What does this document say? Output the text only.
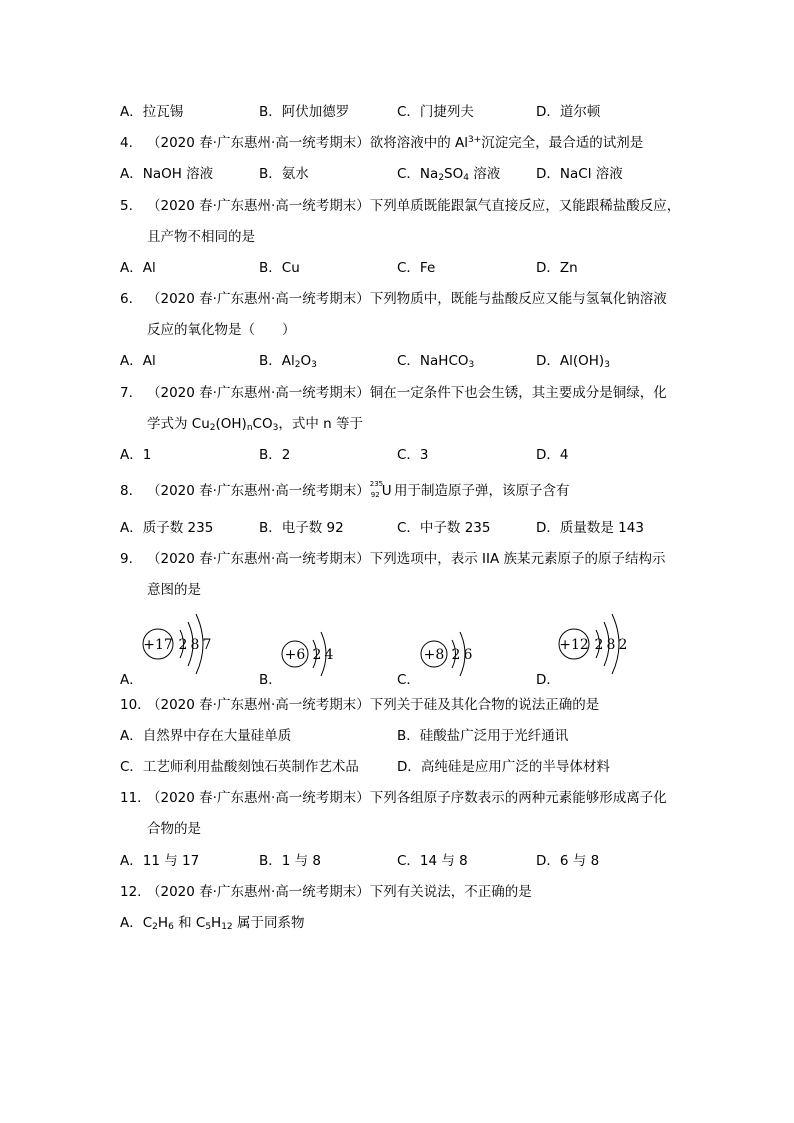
A．拉瓦锡	B．阿伏加德罗	C．门捷列夫	D．道尔顿
4. （2020 春·广东惠州·高一统考期末）欲将溶液中的 $Al^{3+}$沉淀完全，最合适的试剂是
A．NaOH 溶液	B．氨水	C．$Na_2SO_4$ 溶液	D．NaCl 溶液
5. （2020 春·广东惠州·高一统考期末）下列单质既能跟氯气直接反应，又能跟稀盐酸反应，
且产物不相同的是
A．Al	B．Cu	C．Fe	D．Zn
6. （2020 春·广东惠州·高一统考期末）下列物质中，既能与盐酸反应又能与氢氧化钠溶液
反应的氧化物是（　　）
A．Al	B．$Al_2O_3$	C．NaHCO$_3$	D．$Al(OH)_3$
7. （2020 春·广东惠州·高一统考期末）铜在一定条件下也会生锈，其主要成分是铜绿，化
学式为 $Cu_2(OH)_nCO_3$，式中 n 等于
A．1	B．2	C．3	D．4
8. （2020 春·广东惠州·高一统考期末） 235
92 U
用于制造原子弹，该原子含有
A．质子数 235	B．电子数 92	C．中子数 235	D．质量数是 143
9. （2020 春·广东惠州·高一统考期末）下列选项中，表示 IIA 族某元素原子的原子结构示
意图的是
+17 2 8 7
+6 2 4	+8 2 6
+12 2 8 2
A．	B．	C．	D．
10. （2020 春·广东惠州·高一统考期末）下列关于硅及其化合物的说法正确的是
A．自然界中存在大量硅单质	B．硅酸盐广泛用于光纤通讯
C．工艺师利用盐酸刻蚀石英制作艺术品	D．高纯硅是应用广泛的半导体材料
11. （2020 春·广东惠州·高一统考期末）下列各组原子序数表示的两种元素能够形成离子化
合物的是
A．11 与 17	B．1 与 8	C．14 与 8	D．6 与 8
12. （2020 春·广东惠州·高一统考期末）下列有关说法，不正确的是
A．$C_2H_6$ 和 $C_5H_{12}$ 属于同系物
